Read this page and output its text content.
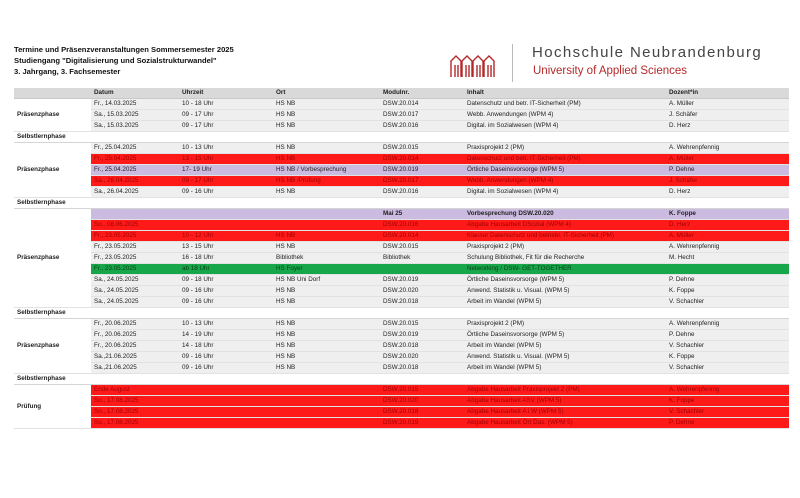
Termine und Präsenzveranstaltungen Sommersemester 2025
Studiengang "Digitalisierung und Sozialstrukturwandel"
3. Jahrgang, 3. Fachsemester
Hochschule Neubrandenburg
University of Applied Sciences
	Datum	Uhrzeit	Ort	Modulnr.	Inhalt	Dozent*in
Präsenzphase	Fr., 14.03.2025	10 - 18 Uhr	HS NB	DSW.20.014	Datenschutz und betr. IT-Sicherheit (PM)	A. Müller
	Sa., 15.03.2025	09 - 17 Uhr	HS NB	DSW.20.017	Webb. Anwendungen (WPM 4)	J. Schäfer
	Sa., 15.03.2025	09 - 17 Uhr	HS NB	DSW.20.016	Digital. im Sozialwesen (WPM 4)	D. Herz
Selbstlernphase						
Präsenzphase	Fr., 25.04.2025	10 - 13 Uhr	HS NB	DSW.20.015	Praxisprojekt 2 (PM)	A. Wehrenpfennig
	Fr., 25.04.2025	13 - 15 Uhr	HS NB	DSW.20.014	Datenschutz und betr. IT-Sicherheit (PM)	A. Müller
	Fr., 25.04.2025	17- 19 Uhr	HS NB / Vorbesprechung	DSW.20.019	Örtliche Daseinsvorsorge (WPM 5)	P. Dehne
	Sa., 26.04.2025	09 - 17 Uhr	HS NB /Prüfung	DSW.20.017	Webb. Anwendungen (WPM 4)	J. Schäfer
	Sa., 26.04.2025	09 - 16 Uhr	HS NB	DSW.20.016	Digital. im Sozialwesen (WPM 4)	D. Herz
Selbstlernphase						
Präsenzphase				Mai 25	Vorbesprechung DSW.20.020	K. Foppe
	So., 08.06.2025			DSW.20.016	Abgabe Hausarbeit DSozial (WPM 4)	D. Herz
	Fr., 23.05.2025	10 - 12 Uhr	HS NB	DSW.20.014	Klausur Datenschutz und betriebl. IT-Sicherheit (PM)	A. Müller
	Fr., 23.05.2025	13 - 15 Uhr	HS NB	DSW.20.015	Praxisprojekt 2 (PM)	A. Wehrenpfennig
	Fr., 23.05.2025	16 - 18 Uhr	Bibliothek	Bibliothek	Schulung Bibliothek, Fit für die Recherche	M. Hecht
	Fr., 23.05.2025	ab 18 Uhr	HS Foyer		Networking / DSW- GET-TOGETHER	
	Sa., 24.05.2025	09 - 18 Uhr	HS NB Uni Dorf	DSW.20.019	Örtliche Daseinsvorsorge (WPM 5)	P. Dehne
	Sa., 24.05.2025	09 - 16 Uhr	HS NB	DSW.20.020	Anwend. Statistik u. Visual. (WPM 5)	K. Foppe
	Sa., 24.05.2025	09 - 16 Uhr	HS NB	DSW.20.018	Arbeit im Wandel (WPM 5)	V. Schachler
Selbstlernphase						
Präsenzphase	Fr., 20.06.2025	10 - 13 Uhr	HS NB	DSW.20.015	Praxisprojekt 2 (PM)	A. Wehrenpfennig
	Fr., 20.06.2025	14 - 19 Uhr	HS NB	DSW.20.019	Örtliche Daseinsvorsorge (WPM 5)	P. Dehne
	Fr., 20.06.2025	14 - 18 Uhr	HS NB	DSW.20.018	Arbeit im Wandel (WPM 5)	V. Schachler
	Sa.,21.06.2025	09 - 16 Uhr	HS NB	DSW.20.020	Anwend. Statistik u. Visual. (WPM 5)	K. Foppe
	Sa.,21.06.2025	09 - 16 Uhr	HS NB	DSW.20.018	Arbeit im Wandel (WPM 5)	V. Schachler
Selbstlernphase						
Prüfung	Ende August			DSW.20.015	Abgabe Hausarbeit Praxisprojekt 2 (PM)	A. Wehrenpfennig
	So., 17.08.2025			DSW.20.020	Abgabe Hausarbeit ASV (WPM 5)	K. Foppe
	So., 17.08.2025			DSW.20.018	Abgabe Hausarbeit A i W (WPM 5)	V. Schachler
	So., 17.08.2025			DSW.20.019	Abgabe Hausarbeit Ört Das. (WPM 5)	P. Dehne
